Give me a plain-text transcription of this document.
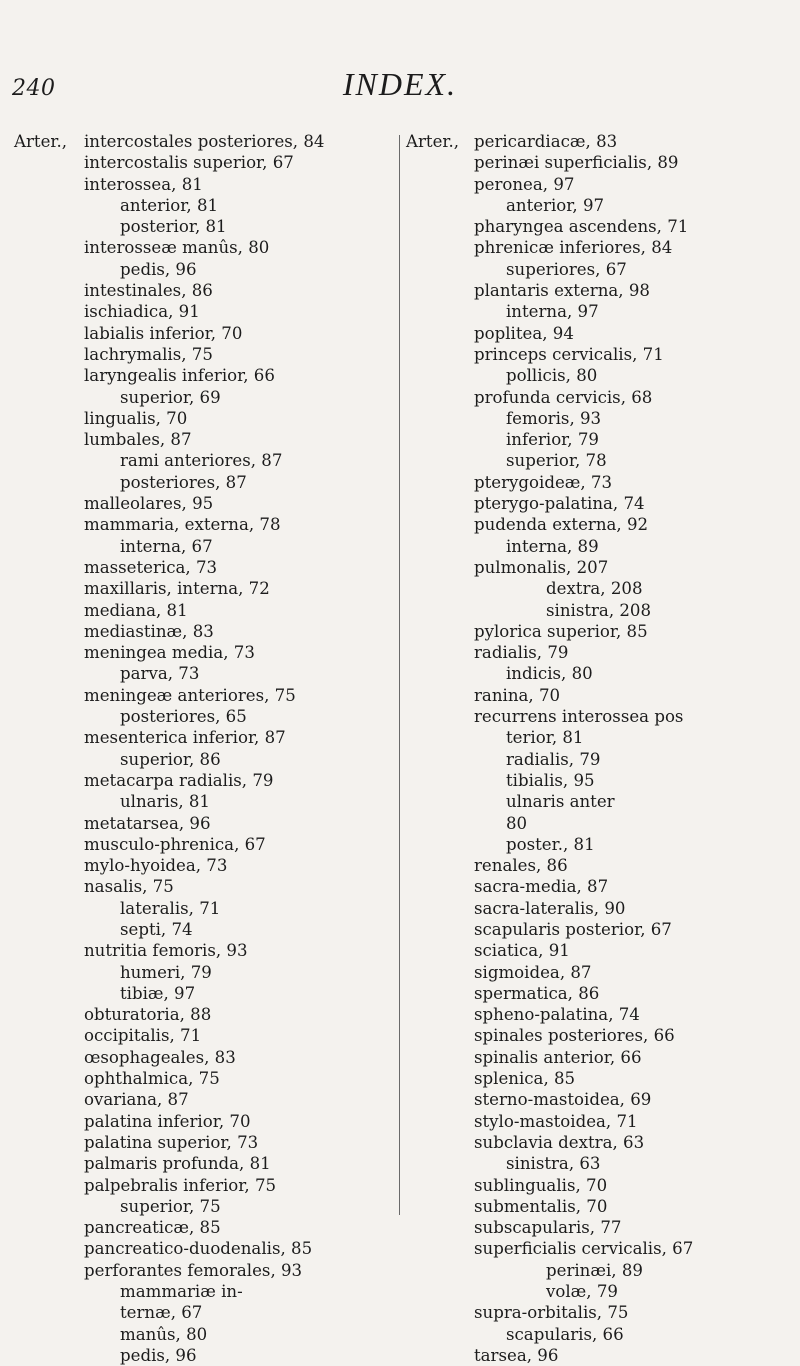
240	INDEX.
Arter., intercostales posteriores, 84
intercostalis superior, 67
interossea, 81
anterior, 81
posterior, 81
interosseæ manûs, 80
pedis, 96
intestinales, 86
ischiadica, 91
labialis inferior, 70
lachrymalis, 75
laryngealis inferior, 66
superior, 69
lingualis, 70
lumbales, 87
rami anteriores, 87
posteriores, 87
malleolares, 95
mammaria, externa, 78
interna, 67
masseterica, 73
maxillaris, interna, 72
mediana, 81
mediastinæ, 83
meningea media, 73
parva, 73
meningeæ anteriores, 75
posteriores, 65
mesenterica inferior, 87
superior, 86
metacarpa radialis, 79
ulnaris, 81
metatarsea, 96
musculo-phrenica, 67
mylo-hyoidea, 73
nasalis, 75
lateralis, 71
septi, 74
nutritia femoris, 93
humeri, 79
tibiæ, 97
obturatoria, 88
occipitalis, 71
œsophageales, 83
ophthalmica, 75
ovariana, 87
palatina inferior, 70
palatina superior, 73
palmaris profunda, 81
palpebralis inferior, 75
superior, 75
pancreaticæ, 85
pancreatico-duodenalis, 85
perforantes femorales, 93
mammariæ in-
ternæ, 67
manûs, 80
pedis, 96
Arter., pericardiacæ, 83
perinæi superficialis, 89
peronea, 97
anterior, 97
pharyngea ascendens, 71
phrenicæ inferiores, 84
superiores, 67
plantaris externa, 98
interna, 97
poplitea, 94
princeps cervicalis, 71
pollicis, 80
profunda cervicis, 68
femoris, 93
inferior, 79
superior, 78
pterygoideæ, 73
pterygo-palatina, 74
pudenda externa, 92
interna, 89
pulmonalis, 207
dextra, 208
sinistra, 208
pylorica superior, 85
radialis, 79
indicis, 80
ranina, 70
recurrens interossea pos
terior, 81
radialis, 79
tibialis, 95
ulnaris anter
80
poster., 81
renales, 86
sacra-media, 87
sacra-lateralis, 90
scapularis posterior, 67
sciatica, 91
sigmoidea, 87
spermatica, 86
spheno-palatina, 74
spinales posteriores, 66
spinalis anterior, 66
splenica, 85
sterno-mastoidea, 69
stylo-mastoidea, 71
subclavia dextra, 63
sinistra, 63
sublingualis, 70
submentalis, 70
subscapularis, 77
superficialis cervicalis, 67
perinæi, 89
volæ, 79
supra-orbitalis, 75
scapularis, 66
tarsea, 96
